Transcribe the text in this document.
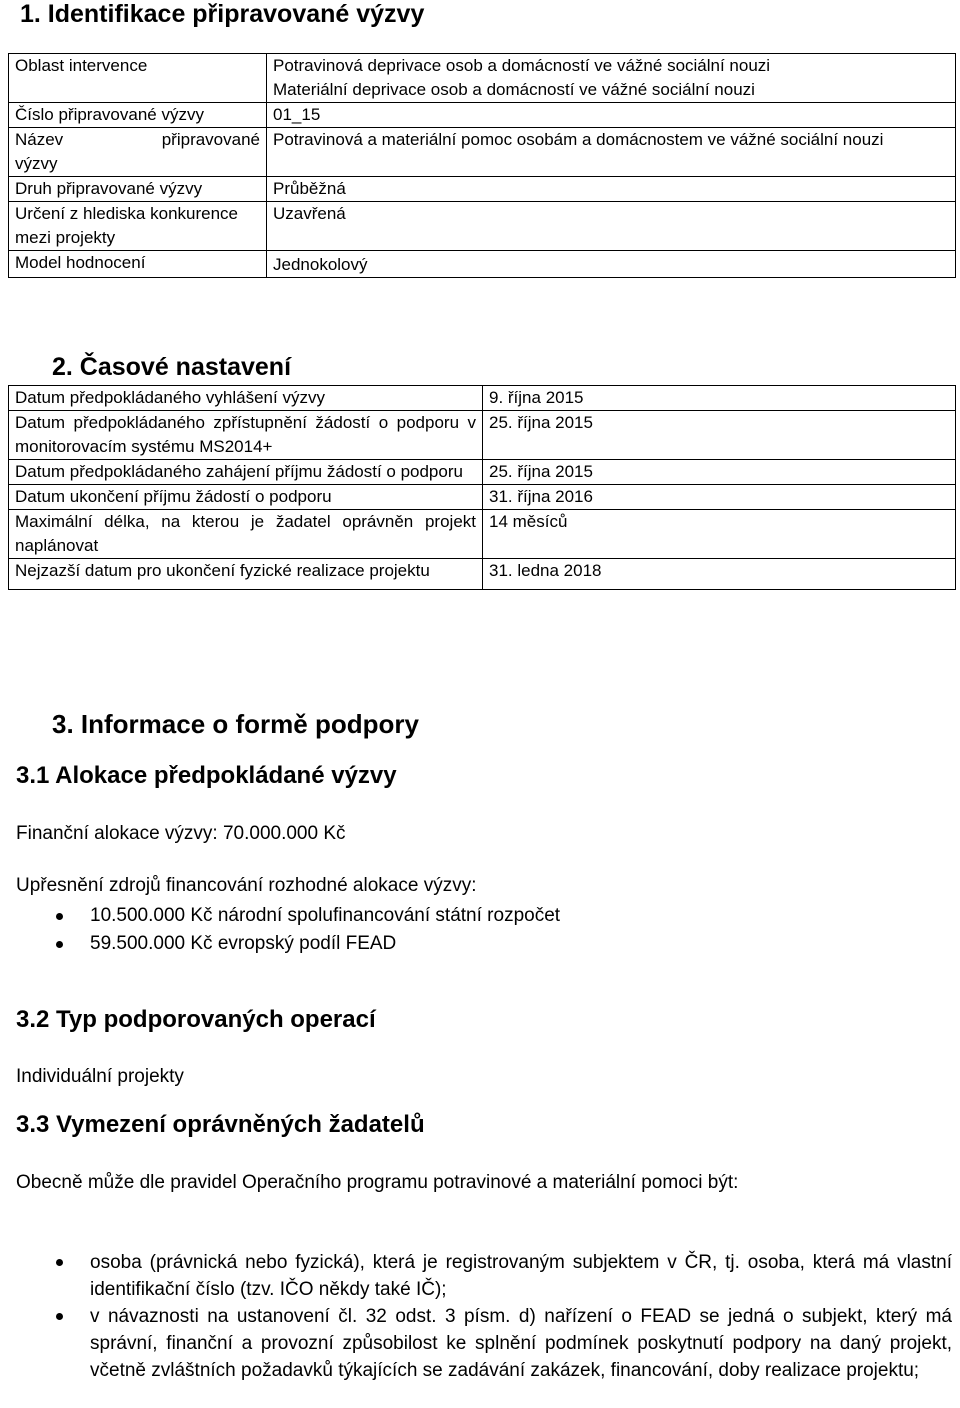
1. Identifikace připravované výzvy
Oblast intervence	Potravinová deprivace osob a domácností ve vážné sociální nouzi
Materiální deprivace osob a domácností ve vážné sociální nouzi

Číslo připravované výzvy	01_15

Název připravované
výzvy	Potravinová a materiální pomoc osobám a domácnostem ve vážné sociální nouzi
Druh připravované výzvy	Průběžná
Určení z hlediska konkurence mezi projekty	Uzavřená
Model hodnocení	Jednokolový
2. Časové nastavení
Datum předpokládaného vyhlášení výzvy	9. října 2015
Datum předpokládaného zpřístupnění žádostí o podporu v monitorovacím systému MS2014+	25. října 2015
Datum předpokládaného zahájení příjmu žádostí o podporu	25. října 2015
Datum ukončení příjmu žádostí o podporu	31. října 2016
Maximální délka, na kterou je žadatel oprávněn projekt naplánovat	14 měsíců
Nejzazší datum pro ukončení fyzické realizace projektu	31. ledna 2018
3. Informace o formě podpory
3.1 Alokace předpokládané výzvy

Finanční alokace výzvy: 70.000.000 Kč

Upřesnění zdrojů financování rozhodné alokace výzvy:

10.500.000 Kč národní spolufinancování státní rozpočet
59.500.000 Kč evropský podíl FEAD
3.2 Typ podporovaných operací

Individuální projekty

3.3 Vymezení oprávněných žadatelů

Obecně může dle pravidel Operačního programu potravinové a materiální pomoci být:

osoba (právnická nebo fyzická), která je registrovaným subjektem v ČR, tj. osoba, která má vlastní identifikační číslo (tzv. IČO někdy také IČ);
v návaznosti na ustanovení čl. 32 odst. 3 písm. d) nařízení o FEAD se jedná o subjekt, který má správní, finanční a provozní způsobilost ke splnění podmínek poskytnutí podpory na daný projekt, včetně zvláštních požadavků týkajících se zadávání zakázek, financování, doby realizace projektu;
